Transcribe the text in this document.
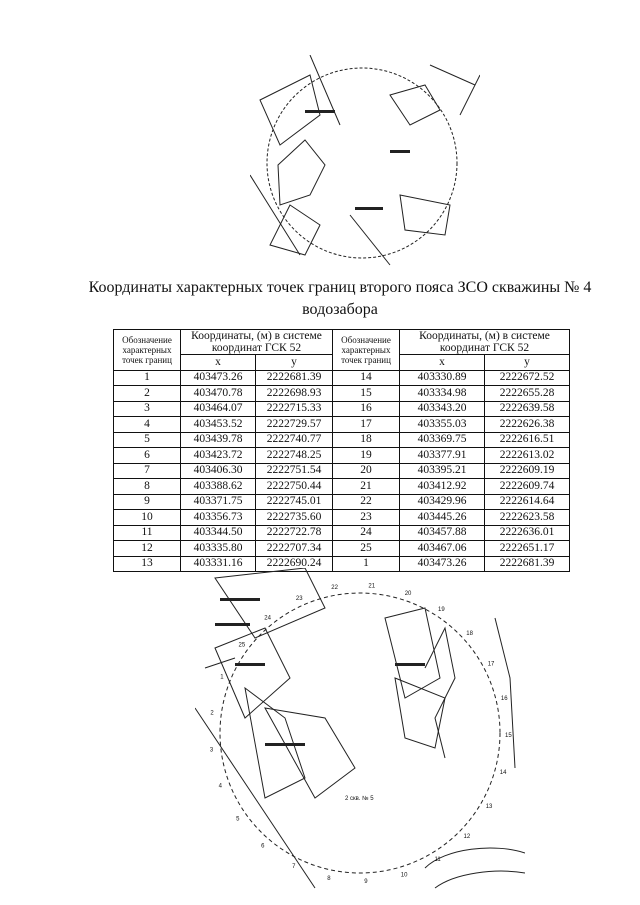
Координаты характерных точек границ второго пояса ЗСО скважины № 4 водозабора
Обозначение характерных точек границ	Координаты, (м) в системе координат ГСК 52		Обозначение характерных точек границ	Координаты, (м) в системе координат ГСК 52	
	x	y		x	y
1	403473.26	2222681.39	14	403330.89	2222672.52
2	403470.78	2222698.93	15	403334.98	2222655.28
3	403464.07	2222715.33	16	403343.20	2222639.58
4	403453.52	2222729.57	17	403355.03	2222626.38
5	403439.78	2222740.77	18	403369.75	2222616.51
6	403423.72	2222748.25	19	403377.91	2222613.02
7	403406.30	2222751.54	20	403395.21	2222609.19
8	403388.62	2222750.44	21	403412.92	2222609.74
9	403371.75	2222745.01	22	403429.96	2222614.64
10	403356.73	2222735.60	23	403445.26	2222623.58
11	403344.50	2222722.78	24	403457.88	2222636.01
12	403335.80	2222707.34	25	403467.06	2222651.17
13	403331.16	2222690.24	1	403473.26	2222681.39
2 скв. № 5
22	21
20
19
18
17
16
15
14
13
12
11
10
9
8
7
6
5
4
3
2
1
25
24
23
